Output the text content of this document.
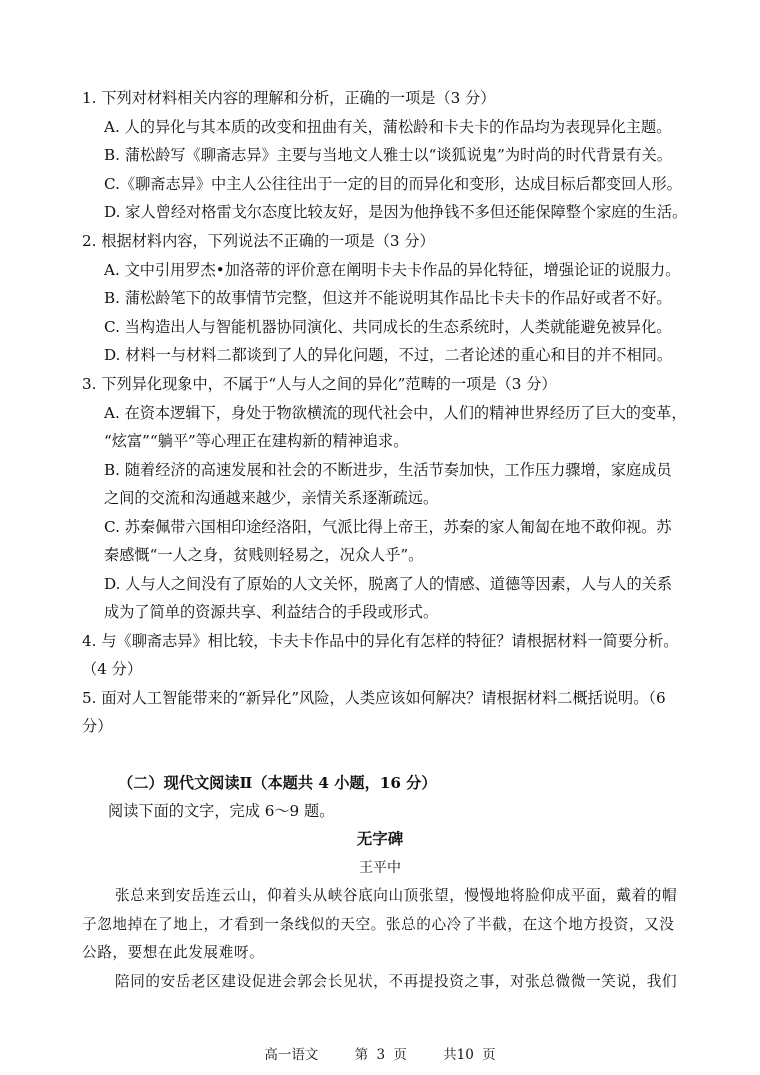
1. 下列对材料相关内容的理解和分析，正确的一项是（3 分）
A. 人的异化与其本质的改变和扭曲有关，蒲松龄和卡夫卡的作品均为表现异化主题。
B. 蒲松龄写《聊斋志异》主要与当地文人雅士以“谈狐说鬼”为时尚的时代背景有关。
C.《聊斋志异》中主人公往往出于一定的目的而异化和变形，达成目标后都变回人形。
D. 家人曾经对格雷戈尔态度比较友好，是因为他挣钱不多但还能保障整个家庭的生活。
2. 根据材料内容，下列说法不正确的一项是（3 分）
A. 文中引用罗杰•加洛蒂的评价意在阐明卡夫卡作品的异化特征，增强论证的说服力。
B. 蒲松龄笔下的故事情节完整，但这并不能说明其作品比卡夫卡的作品好或者不好。
C. 当构造出人与智能机器协同演化、共同成长的生态系统时，人类就能避免被异化。
D. 材料一与材料二都谈到了人的异化问题，不过，二者论述的重心和目的并不相同。
3. 下列异化现象中，不属于“人与人之间的异化”范畴的一项是（3 分）
A. 在资本逻辑下，身处于物欲横流的现代社会中，人们的精神世界经历了巨大的变革，
“炫富”“躺平”等心理正在建构新的精神追求。
B. 随着经济的高速发展和社会的不断进步，生活节奏加快，工作压力骤增，家庭成员
之间的交流和沟通越来越少，亲情关系逐渐疏远。
C. 苏秦佩带六国相印途经洛阳，气派比得上帝王，苏秦的家人匍匐在地不敢仰视。苏
秦感慨“一人之身，贫贱则轻易之，况众人乎”。
D. 人与人之间没有了原始的人文关怀，脱离了人的情感、道德等因素，人与人的关系
成为了简单的资源共享、利益结合的手段或形式。
4. 与《聊斋志异》相比较，卡夫卡作品中的异化有怎样的特征？请根据材料一简要分析。
（4 分）
5. 面对人工智能带来的“新异化”风险，人类应该如何解决？请根据材料二概括说明。（6
分）
（二）现代文阅读Ⅱ（本题共 4 小题，16 分）
阅读下面的文字，完成 6～9 题。
无字碑
王平中
张总来到安岳连云山，仰着头从峡谷底向山顶张望，慢慢地将脸仰成平面，戴着的帽
子忽地掉在了地上，才看到一条线似的天空。张总的心冷了半截，在这个地方投资，又没
公路，要想在此发展难呀。
陪同的安岳老区建设促进会郭会长见状，不再提投资之事，对张总微微一笑说，我们
高一语文	第 3 页	共10 页
